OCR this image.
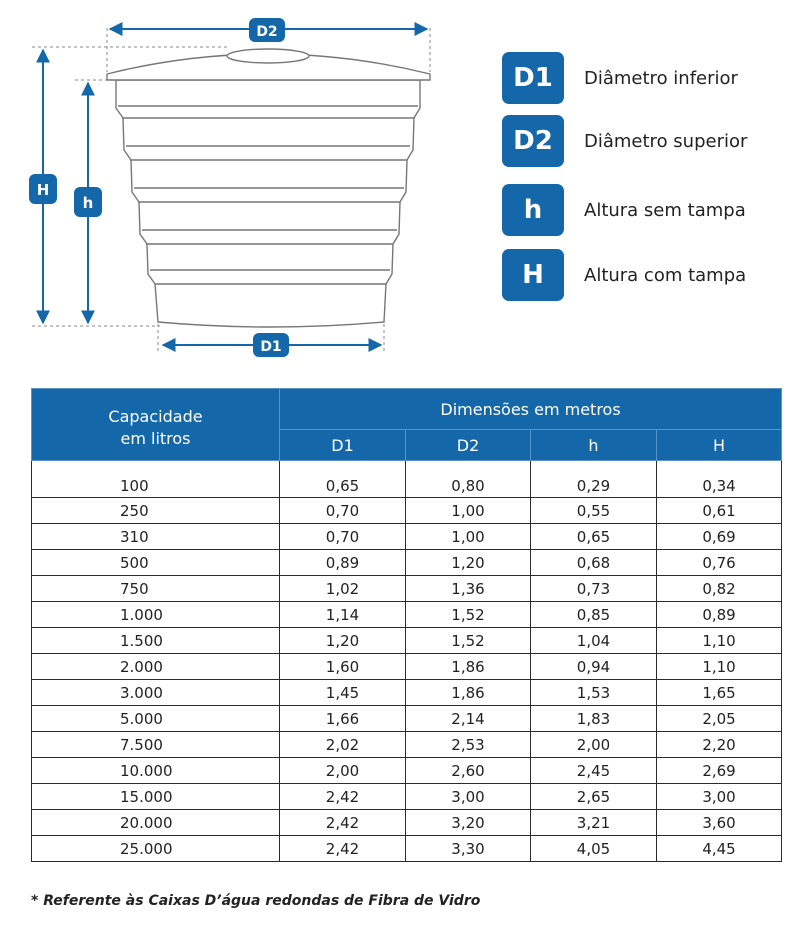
D2
D1
H
h
D1	Diâmetro inferior
D2	Diâmetro superior
h	Altura sem tampa
H	Altura com tampa
Capacidade
em litros	Dimensões em metros			
	D1	D2	h	H
100	0,65	0,80	0,29	0,34
250	0,70	1,00	0,55	0,61
310	0,70	1,00	0,65	0,69
500	0,89	1,20	0,68	0,76
750	1,02	1,36	0,73	0,82
1.000	1,14	1,52	0,85	0,89
1.500	1,20	1,52	1,04	1,10
2.000	1,60	1,86	0,94	1,10
3.000	1,45	1,86	1,53	1,65
5.000	1,66	2,14	1,83	2,05
7.500	2,02	2,53	2,00	2,20
10.000	2,00	2,60	2,45	2,69
15.000	2,42	3,00	2,65	3,00
20.000	2,42	3,20	3,21	3,60
25.000	2,42	3,30	4,05	4,45
* Referente às Caixas D’água redondas de Fibra de Vidro
